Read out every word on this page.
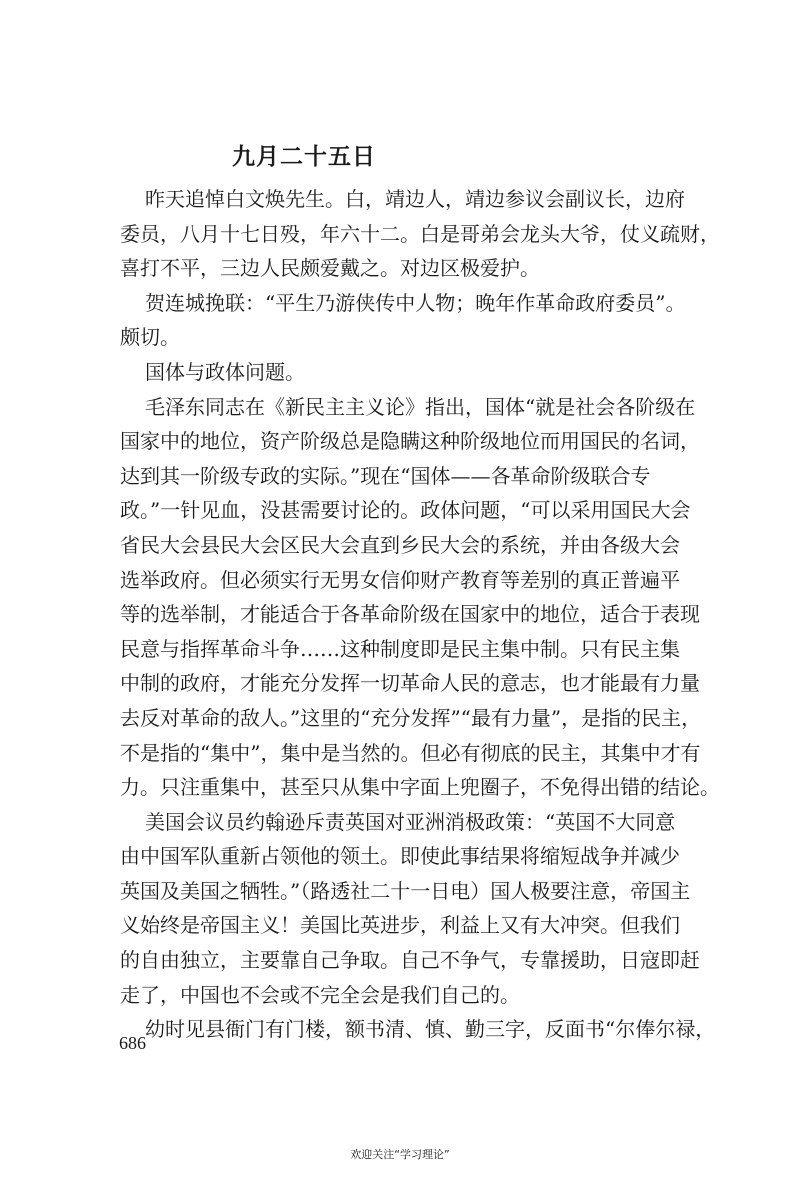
九月二十五日
昨天追悼白文焕先生。白，靖边人，靖边参议会副议长，边府
委员，八月十七日殁，年六十二。白是哥弟会龙头大爷，仗义疏财，
喜打不平，三边人民颇爱戴之。对边区极爱护。
贺连城挽联：“平生乃游侠传中人物；晚年作革命政府委员”。
颇切。
国体与政体问题。
毛泽东同志在《新民主主义论》指出，国体“就是社会各阶级在
国家中的地位，资产阶级总是隐瞒这种阶级地位而用国民的名词，
达到其一阶级专政的实际。”现在“国体——各革命阶级联合专
政。”一针见血，没甚需要讨论的。政体问题，“可以采用国民大会
省民大会县民大会区民大会直到乡民大会的系统，并由各级大会
选举政府。但必须实行无男女信仰财产教育等差别的真正普遍平
等的选举制，才能适合于各革命阶级在国家中的地位，适合于表现
民意与指挥革命斗争……这种制度即是民主集中制。只有民主集
中制的政府，才能充分发挥一切革命人民的意志，也才能最有力量
去反对革命的敌人。”这里的“充分发挥”“最有力量”，是指的民主，
不是指的“集中”，集中是当然的。但必有彻底的民主，其集中才有
力。只注重集中，甚至只从集中字面上兜圈子，不免得出错的结论。
美国会议员约翰逊斥责英国对亚洲消极政策：“英国不大同意
由中国军队重新占领他的领土。即使此事结果将缩短战争并减少
英国及美国之牺牲。”（路透社二十一日电）国人极要注意，帝国主
义始终是帝国主义！美国比英进步，利益上又有大冲突。但我们
的自由独立，主要靠自己争取。自己不争气，专靠援助，日寇即赶
走了，中国也不会或不完全会是我们自己的。
幼时见县衙门有门楼，额书清、慎、勤三字，反面书“尔俸尔禄，
686
欢迎关注“学习理论”
